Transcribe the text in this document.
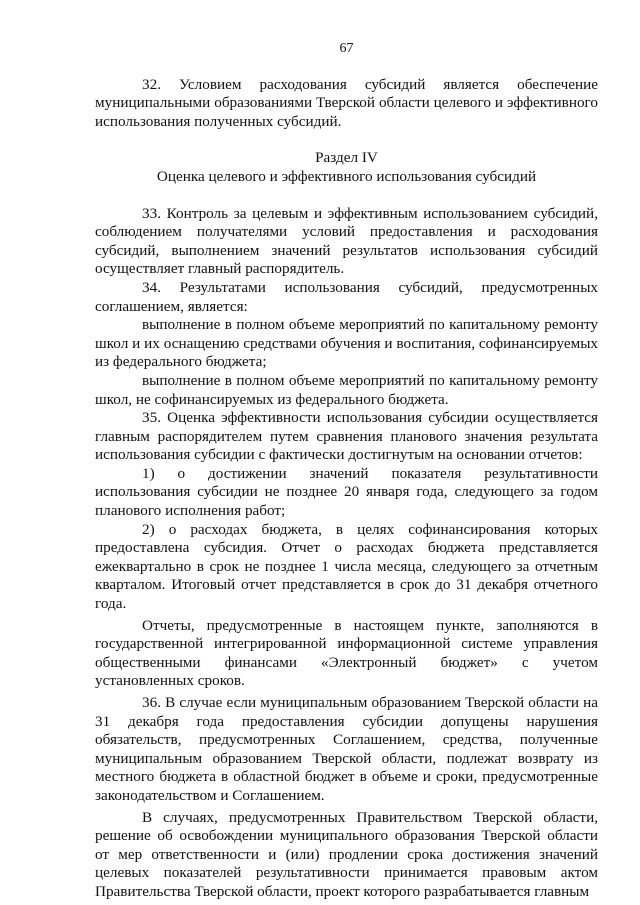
67

32. Условием расходования субсидий является обеспечение муниципальными образованиями Тверской области целевого и эффективного использования полученных субсидий.

Раздел IV

Оценка целевого и эффективного использования субсидий

33. Контроль за целевым и эффективным использованием субсидий, соблюдением получателями условий предоставления и расходования субсидий, выполнением значений результатов использования субсидий осуществляет главный распорядитель.

34. Результатами использования субсидий, предусмотренных соглашением, является:

выполнение в полном объеме мероприятий по капитальному ремонту школ и их оснащению средствами обучения и воспитания, софинансируемых из федерального бюджета;

выполнение в полном объеме мероприятий по капитальному ремонту школ, не софинансируемых из федерального бюджета.

35. Оценка эффективности использования субсидии осуществляется главным распорядителем путем сравнения планового значения результата использования субсидии с фактически достигнутым на основании отчетов:

1) о достижении значений показателя результативности использования субсидии не позднее 20 января года, следующего за годом планового исполнения работ;

2) о расходах бюджета, в целях софинансирования которых предоставлена субсидия. Отчет о расходах бюджета представляется ежеквартально в срок не позднее 1 числа месяца, следующего за отчетным кварталом. Итоговый отчет представляется в срок до 31 декабря отчетного года.

Отчеты, предусмотренные в настоящем пункте, заполняются в государственной интегрированной информационной системе управления общественными финансами «Электронный бюджет» с учетом установленных сроков.

36. В случае если муниципальным образованием Тверской области на 31 декабря года предоставления субсидии допущены нарушения обязательств, предусмотренных Соглашением, средства, полученные муниципальным образованием Тверской области, подлежат возврату из местного бюджета в областной бюджет в объеме и сроки, предусмотренные законодательством и Соглашением.

В случаях, предусмотренных Правительством Тверской области, решение об освобождении муниципального образования Тверской области от мер ответственности и (или) продлении срока достижения значений целевых показателей результативности принимается правовым актом Правительства Тверской области, проект которого разрабатывается главным
